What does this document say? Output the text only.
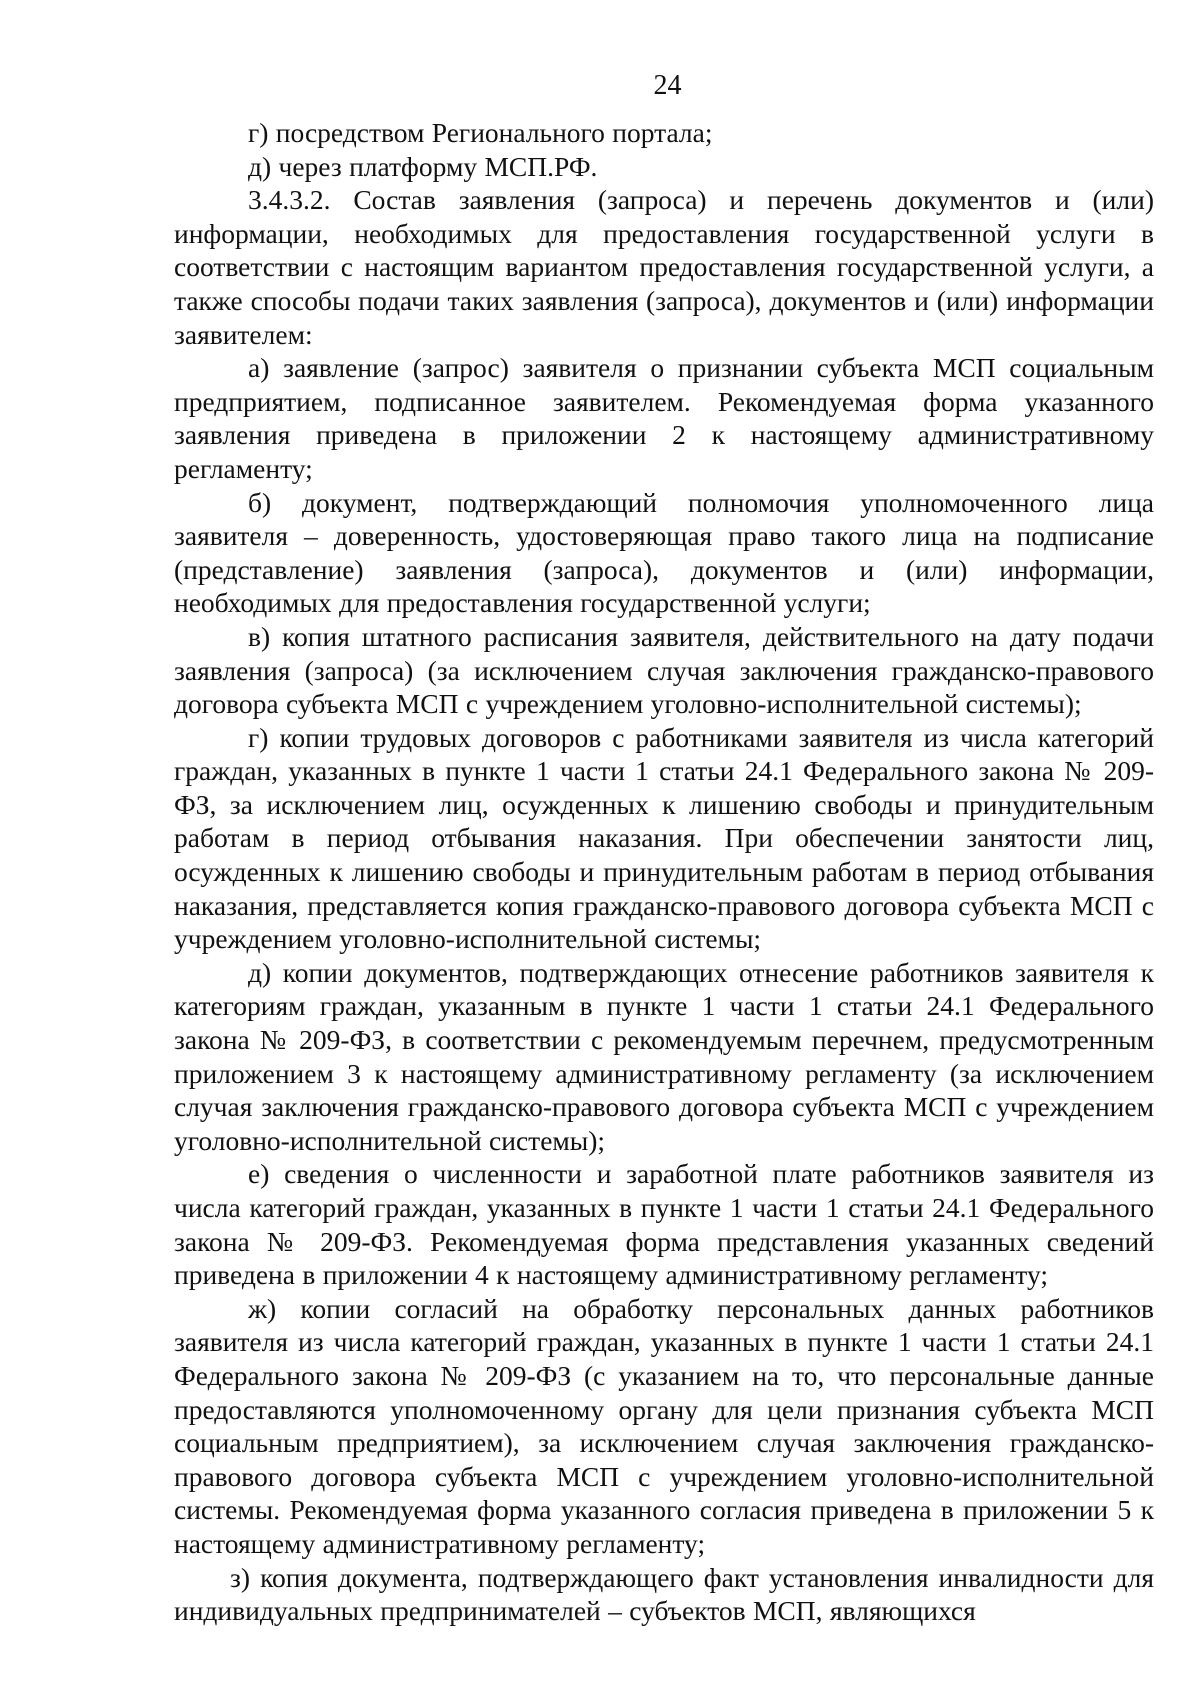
24

г) посредством Регионального портала;

д) через платформу МСП.РФ.

3.4.3.2. Состав заявления (запроса) и перечень документов и (или) информации, необходимых для предоставления государственной услуги в соответствии с настоящим вариантом предоставления государственной услуги, а также способы подачи таких заявления (запроса), документов и (или) информации заявителем:

а) заявление (запрос) заявителя о признании субъекта МСП социальным предприятием, подписанное заявителем. Рекомендуемая форма указанного заявления приведена в приложении 2 к настоящему административному регламенту;

б) документ, подтверждающий полномочия уполномоченного лица заявителя – доверенность, удостоверяющая право такого лица на подписание (представление) заявления (запроса), документов и (или) информации, необходимых для предоставления государственной услуги;

в) копия штатного расписания заявителя, действительного на дату подачи заявления (запроса) (за исключением случая заключения гражданско-правового договора субъекта МСП с учреждением уголовно-исполнительной системы);

г) копии трудовых договоров с работниками заявителя из числа категорий граждан, указанных в пункте 1 части 1 статьи 24.1 Федерального закона № 209-ФЗ, за исключением лиц, осужденных к лишению свободы и принудительным работам в период отбывания наказания. При обеспечении занятости лиц, осужденных к лишению свободы и принудительным работам в период отбывания наказания, представляется копия гражданско-правового договора субъекта МСП с учреждением уголовно-исполнительной системы;

д) копии документов, подтверждающих отнесение работников заявителя к категориям граждан, указанным в пункте 1 части 1 статьи 24.1 Федерального закона № 209-ФЗ, в соответствии с рекомендуемым перечнем, предусмотренным приложением 3 к настоящему административному регламенту (за исключением случая заключения гражданско-правового договора субъекта МСП с учреждением уголовно-исполнительной системы);

е) сведения о численности и заработной плате работников заявителя из числа категорий граждан, указанных в пункте 1 части 1 статьи 24.1 Федерального закона № 209-ФЗ. Рекомендуемая форма представления указанных сведений приведена в приложении 4 к настоящему административному регламенту;

ж) копии согласий на обработку персональных данных работников заявителя из числа категорий граждан, указанных в пункте 1 части 1 статьи 24.1 Федерального закона № 209-ФЗ (с указанием на то, что персональные данные предоставляются уполномоченному органу для цели признания субъекта МСП социальным предприятием), за исключением случая заключения гражданско-правового договора субъекта МСП с учреждением уголовно-исполнительной системы. Рекомендуемая форма указанного согласия приведена в приложении 5 к настоящему административному регламенту;

з) копия документа, подтверждающего факт установления инвалидности для индивидуальных предпринимателей – субъектов МСП, являющихся
